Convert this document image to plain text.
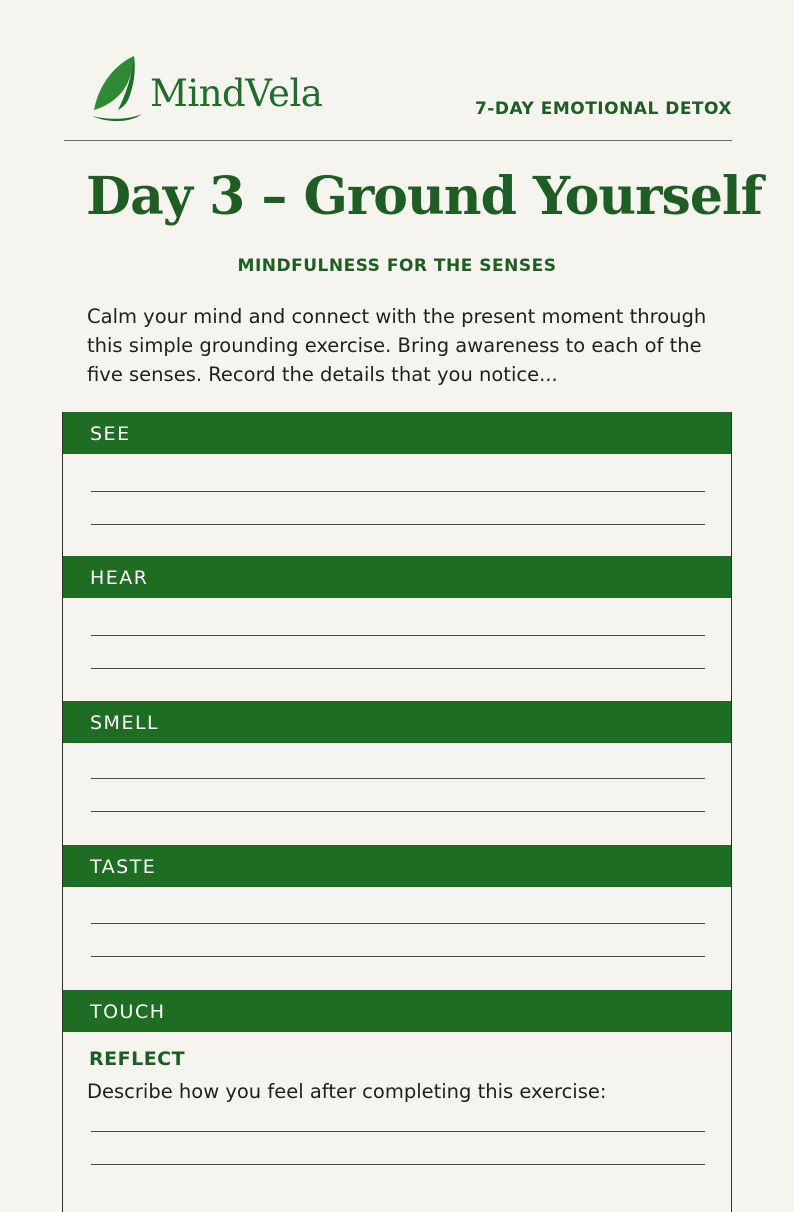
MindVela	7-DAY EMOTIONAL DETOX
Day 3 – Ground Yourself
MINDFULNESS FOR THE SENSES
Calm your mind and connect with the present moment through this simple grounding exercise. Bring awareness to each of the five senses. Record the details that you notice...
SEE
HEAR
SMELL
TASTE
TOUCH
REFLECT
Describe how you feel after completing this exercise:
